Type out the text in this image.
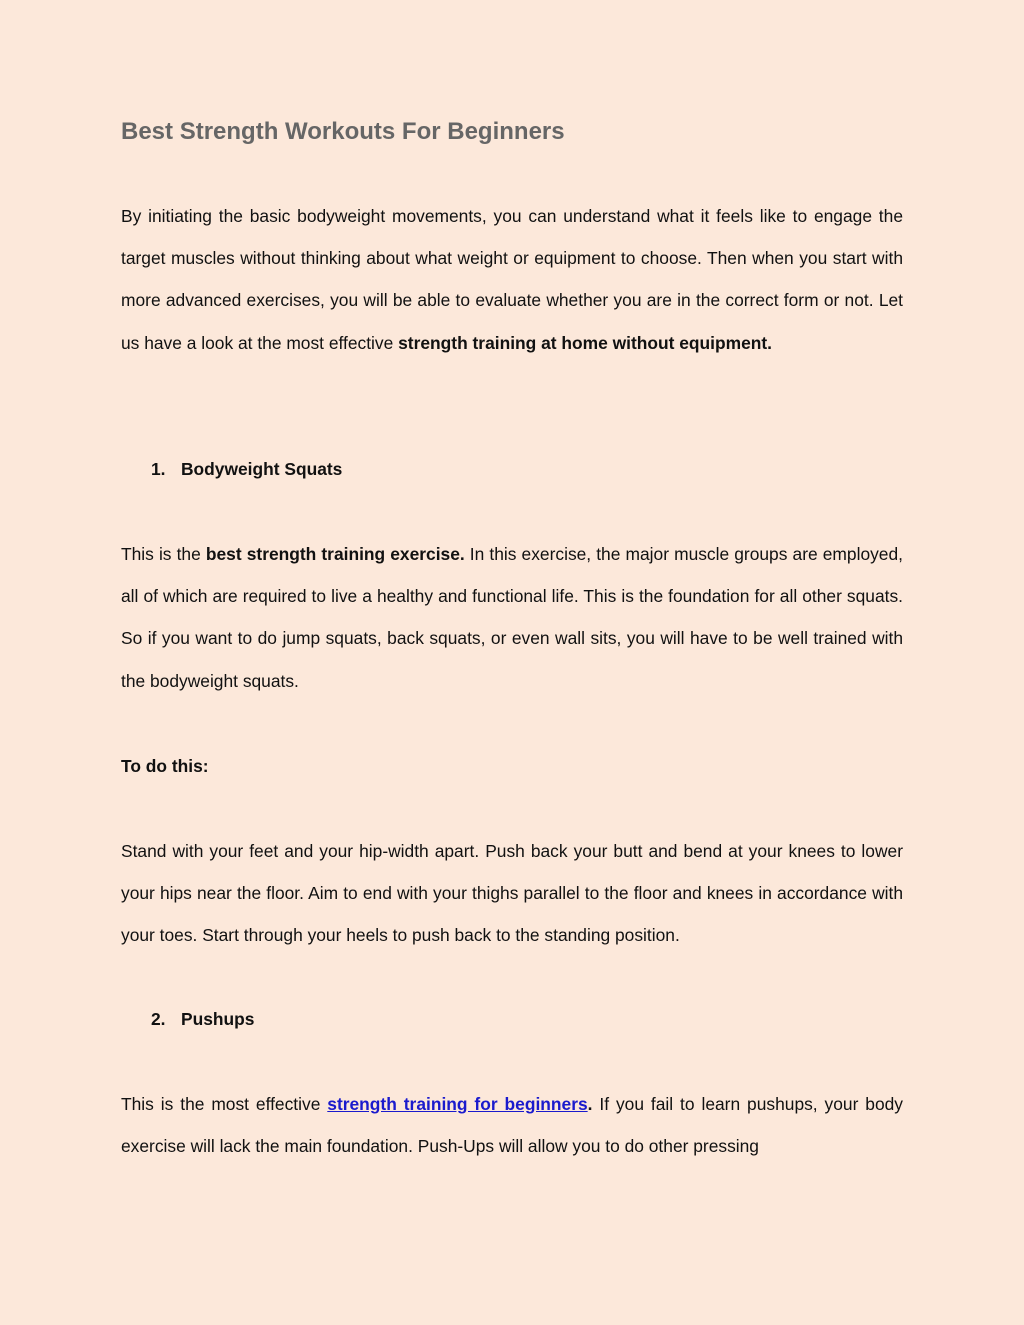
Best Strength Workouts For Beginners

By initiating the basic bodyweight movements, you can understand what it feels like to engage the target muscles without thinking about what weight or equipment to choose. Then when you start with more advanced exercises, you will be able to evaluate whether you are in the correct form or not. Let us have a look at the most effective strength training at home without equipment.

1. Bodyweight Squats

This is the best strength training exercise. In this exercise, the major muscle groups are employed, all of which are required to live a healthy and functional life. This is the foundation for all other squats. So if you want to do jump squats, back squats, or even wall sits, you will have to be well trained with the bodyweight squats.

To do this:

Stand with your feet and your hip-width apart. Push back your butt and bend at your knees to lower your hips near the floor. Aim to end with your thighs parallel to the floor and knees in accordance with your toes. Start through your heels to push back to the standing position.

2. Pushups

This is the most effective strength training for beginners. If you fail to learn pushups, your body exercise will lack the main foundation. Push-Ups will allow you to do other pressing
